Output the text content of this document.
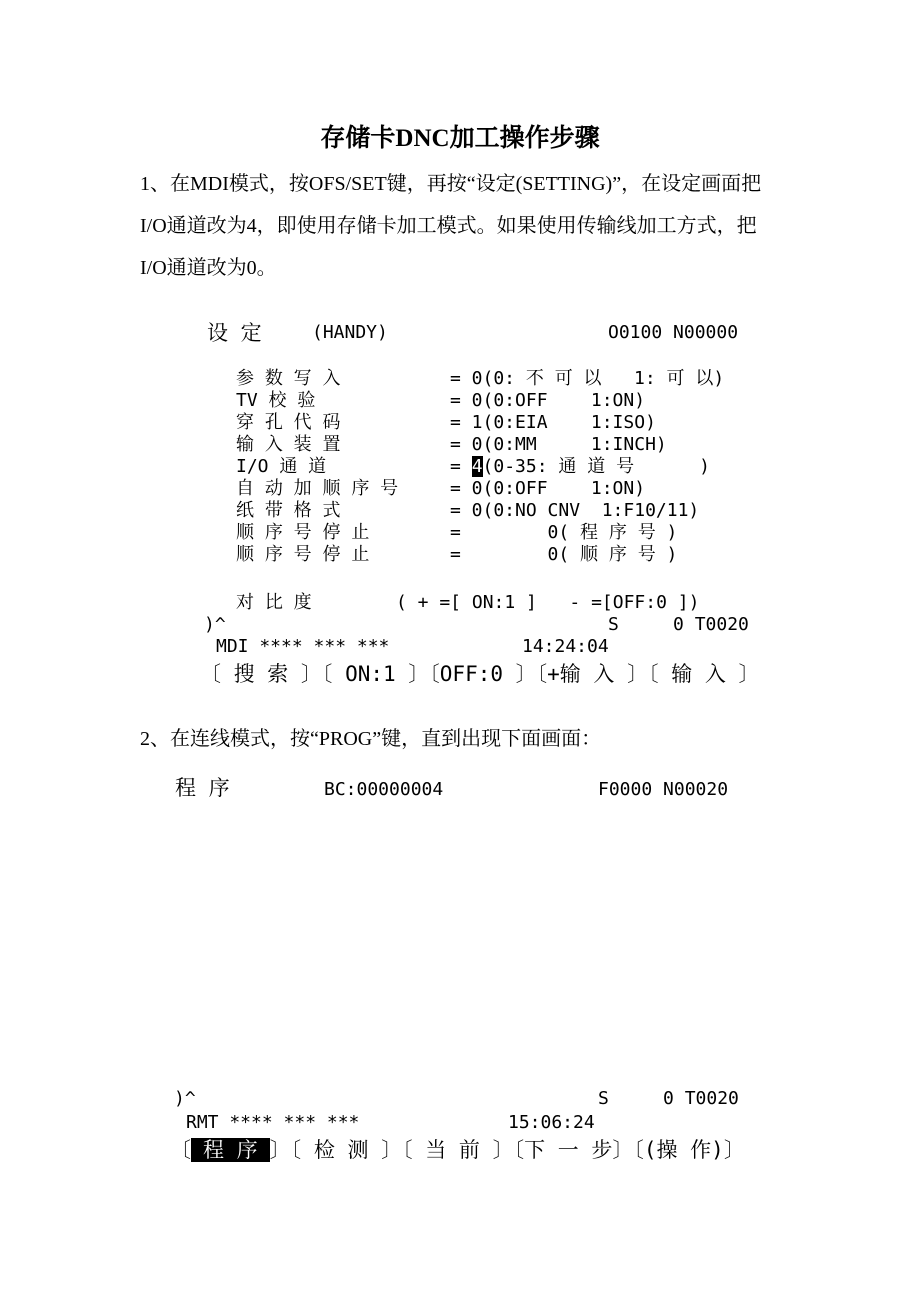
存储卡DNC加工操作步骤
1、在MDI模式，按OFS/SET键，再按“设定(SETTING)”，在设定画面把I/O通道改为4，即使用存储卡加工模式。如果使用传输线加工方式，把I/O通道改为0。
设 定	(HANDY)	O0100 N00000
参 数 写 入	= 0(0: 不 可 以   1: 可 以)
TV 校 验	= 0(0:OFF    1:ON)
穿 孔 代 码	= 1(0:EIA    1:ISO)
输 入 装 置	= 0(0:MM     1:INCH)
I/O 通 道	= 4(0-35: 通 道 号      )
自 动 加 顺 序 号	= 0(0:OFF    1:ON)
纸 带 格 式	= 0(0:NO CNV  1:F10/11)
顺 序 号 停 止	=        0( 程 序 号 )
顺 序 号 停 止	=        0( 顺 序 号 )
对 比 度	( + =[ ON:1 ]   - =[OFF:0 ])
)^	S     0 T0020
MDI **** *** ***	14:24:04
〔 搜 索 〕〔 ON:1 〕〔OFF:0 〕〔+输 入 〕〔 输 入 〕
2、在连线模式，按“PROG”键，直到出现下面画面：
程 序	BC:00000004	F0000 N00020
)^	S     0 T0020
RMT **** *** ***	15:06:24
〔 程 序 〕〔 检 测 〕〔 当 前 〕〔下 一 步〕〔(操 作)〕
